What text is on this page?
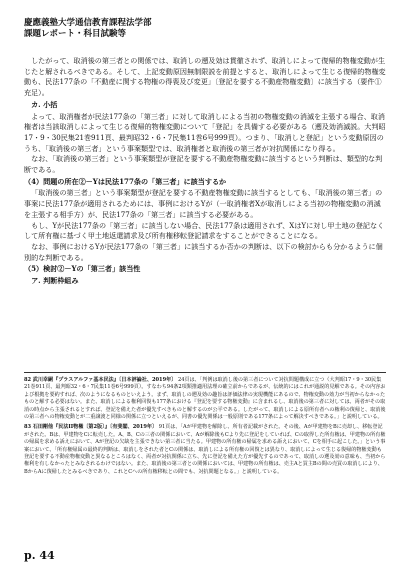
慶應義塾大学通信教育課程法学部
課題レポート・科目試験等

したがって、取消後の第三者との関係では、取消しの遡及効は貫徹されず、取消しによって復帰的物権変動が生じたと解されるべきである。そして、上記変動原因無制限説を前提とすると、取消しによって生じる復帰的物権変動も、民法177条の「不動産に関する物権の得喪及び変更」〔登記を要する不動産物権変動〕に該当する（要件①充足）。

カ. 小括

よって、取消権者が民法177条の「第三者」に対して取消しによる当初の物権変動の消滅を主張する場合、取消権者は当該取消しによって生じる復帰的物権変動について「登記」を具備する必要がある（遡及効消滅説。大判昭17・9・30民集21巻911頁、最判昭32・6・7民集11巻6号999頁）。つまり、「取消しと登記」という変動原因のうち、「取消後の第三者」という事案類型では、取消権者と取消後の第三者が対抗関係になり得る。

なお、「取消後の第三者」という事案類型が登記を要する不動産物権変動に該当するという判断は、類型的な判断である。

（4）問題の所在②－Yは民法177条の「第三者」に該当するか

「取消後の第三者」という事案類型が登記を要する不動産物権変動に該当するとしても、「取消後の第三者」の事案に民法177条が適用されるためには、事例におけるYが（一取消権者Xが取消しによる当初の物権変動の消滅を主張する相手方）が、民法177条の「第三者」に該当する必要がある。

もし、Yが民法177条の「第三者」に該当しない場合、民法177条は適用されず、XはYに対し甲土地の登記なくして所有権に基づく甲土地返還請求及び所有権移転登記請求をすることができることになる。

なお、事例におけるYが民法177条の「第三者」に該当するか否かの判断は、以下の検討からも分かるように個別的な判断である。

（5）検討②－Yの「第三者」該当性

ア. 判断枠組み

82 武川幸嗣『プラスアルファ基本民法』〔日本評論社、2019年〕 24頁は、「判例は取消し後の第三者について対抗問題構成に立つ（大判昭17・9・30民集21巻911頁、最判昭32・6・7民集11巻6号999頁）。すなわち94条2項類推適用法理の確立前からであるが、伝統的にはこれが通説的見解である。その内容および根拠を要約すれば、次のようになるものといえよう。まず、取消しの遡及効の趣旨は評価法律の実現機能にあるので、物権変動の効力が当初からなかったものと解する必要はない。また、取消しによる権利回復も177条における『登記を要する物権変動』に含まれるし、取消後の第三者に対しては、両者がその取消の時点から主張されるとすれば、登記を備えた者が優先すべきものと解するのが公平である。したがって、取消しによる原所有者への権利の復帰と、取消後の第三者への物権変動とが二重譲渡と同様の関係に立つといえるが、同書の優先関係は一般原則である177条によって解決すべきである。」と説明している。

83 石田剛他『民法II物権〔第2版〕』〔有斐閣、2019年〕 91頁は、「Aが甲建物を解除し、所有者記載がされた。その後、Aが甲建物をBに売却し、移転登記がされた。Bは、甲建物をCに転売した。A、B、Cの三者の関係において、Aが解除後もCより先に登記をしていれば、Cの取得した所有権は、甲建物の所有権の帰属を求める訴えにおいて、Aが登記の欠缺を主張できない第三者に当たる。甲建物の所有権の帰属を求める訴えにおいて、Cを相手に起こした。」という事案において、「所有権帰属の最終的判断は、取消しをされた者とCの関係は、取消しによる所有権の回復とは異なり、取消しによって生じる復帰的物権変動も登記を要する不動産物権変動と異なるところはなく、両者が対抗関係に立ち、先に登記を備えた方が優先するのであって、取消しの遡及効の意味も、当初から権利を有しなかったとみなされるわけではない。また、取消後の第三者との関係においては、甲建物の所有権は、売主Aと買主Bの間の売買の取消しにより、BからAに復帰したとみるべきであり、これとCへの所有権移転との間でも、対抗問題となる。」と説明している。

p. 44
